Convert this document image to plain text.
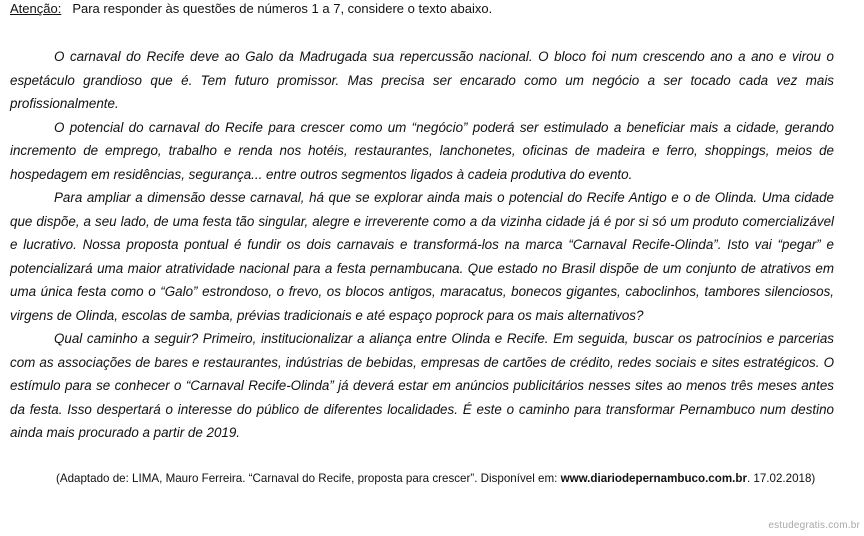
Atenção: Para responder às questões de números 1 a 7, considere o texto abaixo.

O carnaval do Recife deve ao Galo da Madrugada sua repercussão nacional. O bloco foi num crescendo ano a ano e virou o espetáculo grandioso que é. Tem futuro promissor. Mas precisa ser encarado como um negócio a ser tocado cada vez mais profissionalmente.

O potencial do carnaval do Recife para crescer como um “negócio” poderá ser estimulado a beneficiar mais a cidade, gerando incremento de emprego, trabalho e renda nos hotéis, restaurantes, lanchonetes, oficinas de madeira e ferro, shoppings, meios de hospedagem em residências, segurança... entre outros segmentos ligados à cadeia produtiva do evento.

Para ampliar a dimensão desse carnaval, há que se explorar ainda mais o potencial do Recife Antigo e o de Olinda. Uma cidade que dispõe, a seu lado, de uma festa tão singular, alegre e irreverente como a da vizinha cidade já é por si só um produto comercializável e lucrativo. Nossa proposta pontual é fundir os dois carnavais e transformá-los na marca “Carnaval Recife-Olinda”. Isto vai “pegar” e potencializará uma maior atratividade nacional para a festa pernambucana. Que estado no Brasil dispõe de um conjunto de atrativos em uma única festa como o “Galo” estrondoso, o frevo, os blocos antigos, maracatus, bonecos gigantes, caboclinhos, tambores silenciosos, virgens de Olinda, escolas de samba, prévias tradicionais e até espaço poprock para os mais alternativos?

Qual caminho a seguir? Primeiro, institucionalizar a aliança entre Olinda e Recife. Em seguida, buscar os patrocínios e parcerias com as associações de bares e restaurantes, indústrias de bebidas, empresas de cartões de crédito, redes sociais e sites estratégicos. O estímulo para se conhecer o “Carnaval Recife-Olinda” já deverá estar em anúncios publicitários nesses sites ao menos três meses antes da festa. Isso despertará o interesse do público de diferentes localidades. É este o caminho para transformar Pernambuco num destino ainda mais procurado a partir de 2019.

(Adaptado de: LIMA, Mauro Ferreira. “Carnaval do Recife, proposta para crescer”. Disponível em: www.diariodepernambuco.com.br. 17.02.2018)
estudegratis.com.br
